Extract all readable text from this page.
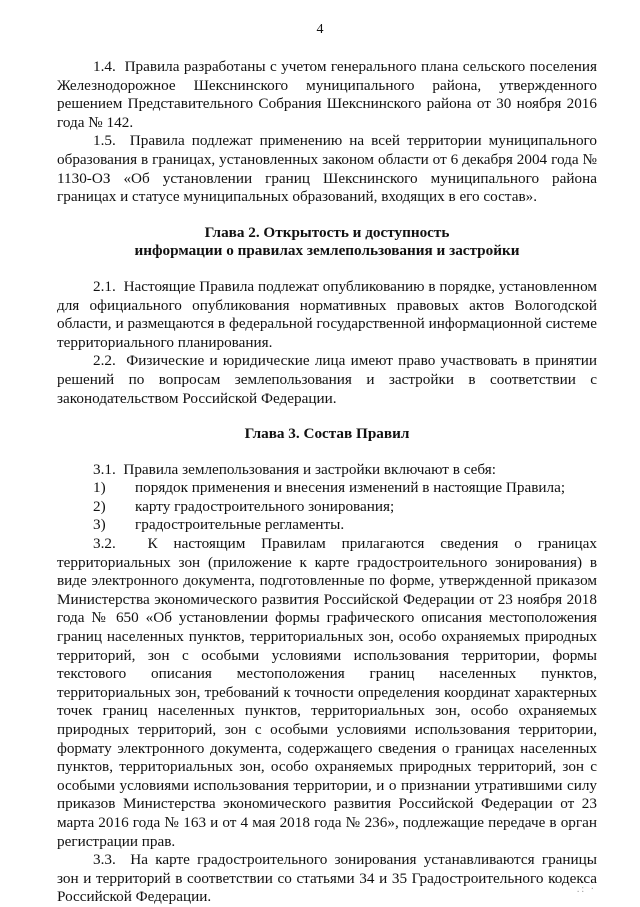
4

1.4.  Правила разработаны с учетом генерального плана сельского поселения Железнодорожное Шекснинского муниципального района, утвержденного решением Представительного Собрания Шекснинского района от 30 ноября 2016 года № 142.

1.5.  Правила подлежат применению на всей территории муниципального образования в границах, установленных законом области от 6 декабря 2004 года № 1130-ОЗ «Об установлении границ Шекснинского муниципального района границах и статусе муниципальных образований, входящих в его состав».

Глава 2. Открытость и доступность

информации о правилах землепользования и застройки

2.1.  Настоящие Правила подлежат опубликованию в порядке, установленном для официального опубликования нормативных правовых актов Вологодской области, и размещаются в федеральной государственной информационной системе территориального планирования.

2.2.  Физические и юридические лица имеют право участвовать в принятии решений по вопросам землепользования и застройки в соответствии с законодательством Российской Федерации.

Глава 3. Состав Правил

3.1.  Правила землепользования и застройки включают в себя:

1)	порядок применения и внесения изменений в настоящие Правила;
2)	карту градостроительного зонирования;
3)	градостроительные регламенты.

3.2.  К настоящим Правилам прилагаются сведения о границах территориальных зон (приложение к карте градостроительного зонирования) в виде электронного документа, подготовленные по форме, утвержденной приказом Министерства экономического развития Российской Федерации от 23 ноября 2018 года № 650 «Об установлении формы графического описания местоположения границ населенных пунктов, территориальных зон, особо охраняемых природных территорий, зон с особыми условиями использования территории, формы текстового описания местоположения границ населенных пунктов, территориальных зон, требований к точности определения координат характерных точек границ населенных пунктов, территориальных зон, особо охраняемых природных территорий, зон с особыми условиями использования территории, формату электронного документа, содержащего сведения о границах населенных пунктов, территориальных зон, особо охраняемых природных территорий, зон с особыми условиями использования территории, и о признании утратившими силу приказов Министерства экономического развития Российской Федерации от 23 марта 2016 года № 163 и от 4 мая 2018 года № 236», подлежащие передаче в орган регистрации прав.

3.3.  На карте градостроительного зонирования устанавливаются границы зон и территорий в соответствии со статьями 34 и 35 Градостроительного кодекса Российской Федерации.	.: ·
